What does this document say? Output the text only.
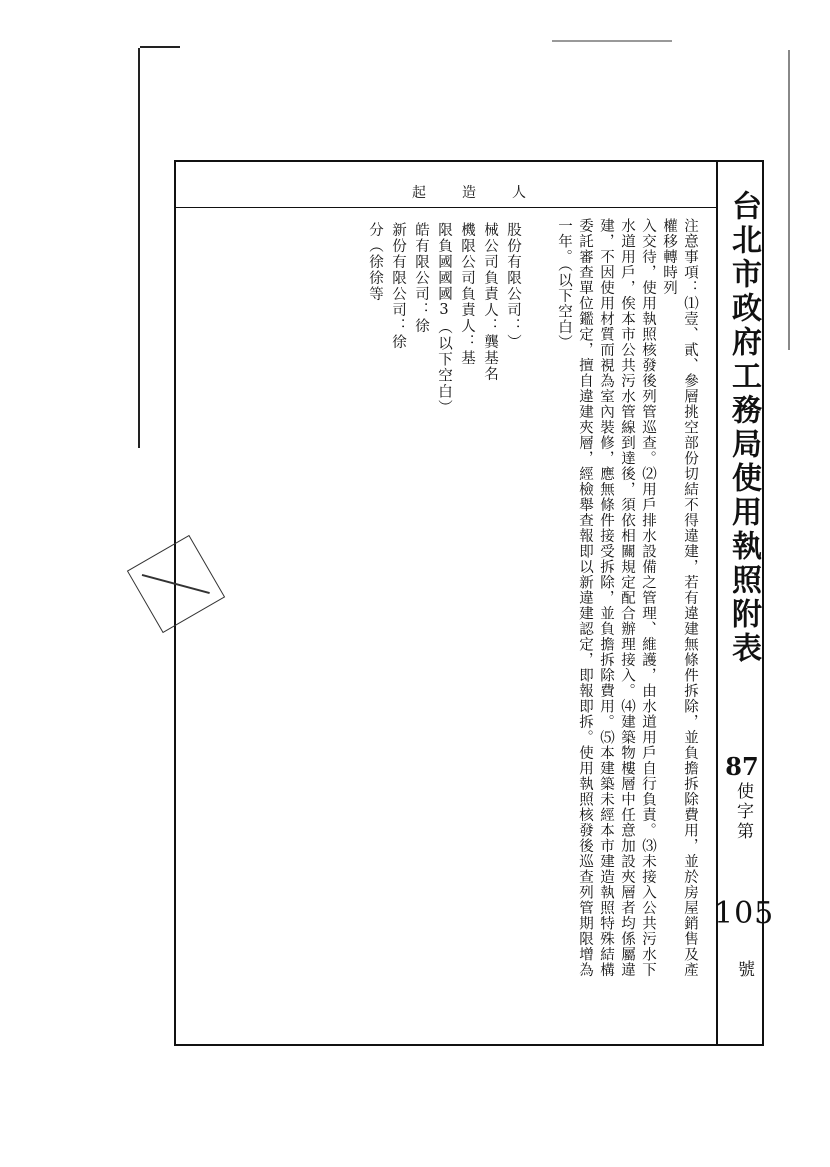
台北市政府工務局使用執照附表
87
使字第
105
號
起造人
注意事項：⑴壹、貳、參層挑空部份切結不得違建，若有違建無條件拆除，並負擔拆除費用，並於房屋銷售及產權移轉時列
入交待，使用執照核發後列管巡查。⑵用戶排水設備之管理、維護，由水道用戶自行負責。⑶未接入公共污水下
水道用戶，俟本市公共污水管線到達後，須依相關規定配合辦理接入。⑷建築物樓層中任意加設夾層者均係屬違
建，不因使用材質而視為室內裝修，應無條件接受拆除，並負擔拆除費用。⑸本建築未經本市建造執照特殊結構
委託審查單位鑑定，擅自違建夾層，經檢舉查報即以新違建認定，即報即拆。使用執照核發後巡查列管期限增為
一年。（以下空白）
股份有限公司：）
械公司負責人：龔基名
機限公司負責人：基
限負國國國3（以下空白）
皓有限公司：徐
新份有限公司：徐
分（徐徐等
